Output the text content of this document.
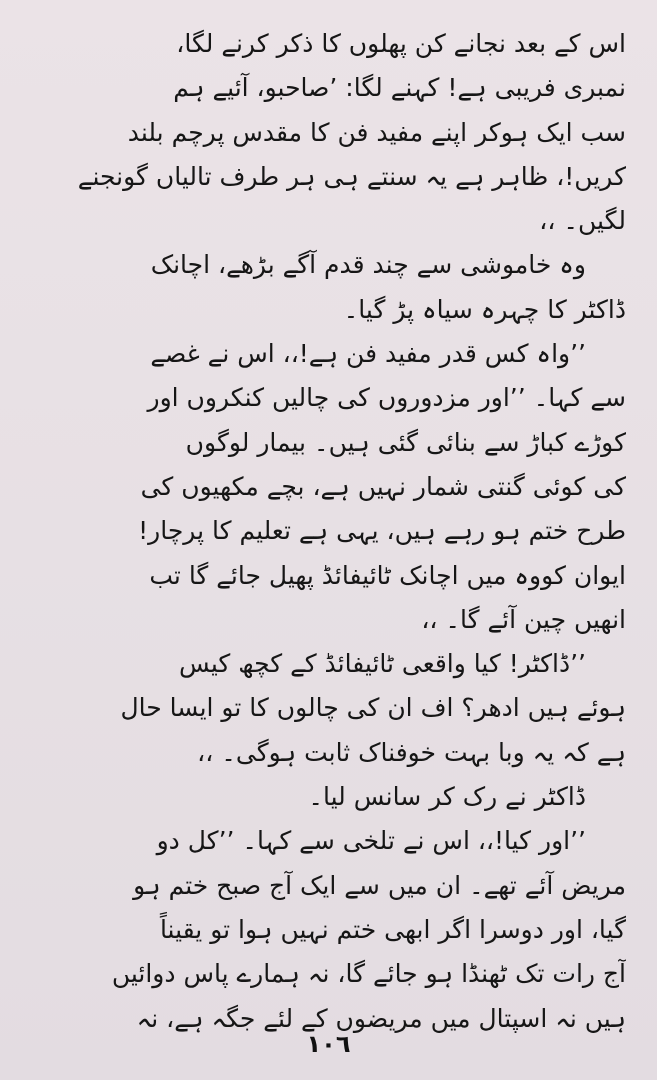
اس کے بعد نجانے کن پھلوں کا ذکر کرنے لگا،
نمبری فریبی ہے! کہنے لگا: ’صاحبو، آئیے ہم
سب ایک ہوکر اپنے مفید فن کا مقدس پرچم بلند
کریں!، ظاہر ہے یہ سنتے ہی ہر طرف تالیاں گونجنے
لگیں۔ ،،
وہ خاموشی سے چند قدم آگے بڑھے، اچانک
ڈاکٹر کا چہرہ سیاہ پڑ گیا۔
’’واہ کس قدر مفید فن ہے!،، اس نے غصے
سے کہا۔ ’’اور مزدوروں کی چالیں کنکروں اور
کوڑے کباڑ سے بنائی گئی ہیں۔ بیمار لوگوں
کی کوئی گنتی شمار نہیں ہے، بچے مکھیوں کی
طرح ختم ہو رہے ہیں، یہی ہے تعلیم کا پرچار!
ایوان کووہ میں اچانک ٹائیفائڈ پھیل جائے گا تب
انھیں چین آئے گا۔ ،،
’’ڈاکٹر! کیا واقعی ٹائیفائڈ کے کچھ کیس
ہوئے ہیں ادھر؟ اف ان کی چالوں کا تو ایسا حال
ہے کہ یہ وبا بہت خوفناک ثابت ہوگی۔ ،،
ڈاکٹر نے رک کر سانس لیا۔
’’اور کیا!،، اس نے تلخی سے کہا۔ ’’کل دو
مریض آئے تھے۔ ان میں سے ایک آج صبح ختم ہو
گیا، اور دوسرا اگر ابھی ختم نہیں ہوا تو یقیناً
آج رات تک ٹھنڈا ہو جائے گا، نہ ہمارے پاس دوائیں
ہیں نہ اسپتال میں مریضوں کے لئے جگہ ہے، نہ
١٠٦
